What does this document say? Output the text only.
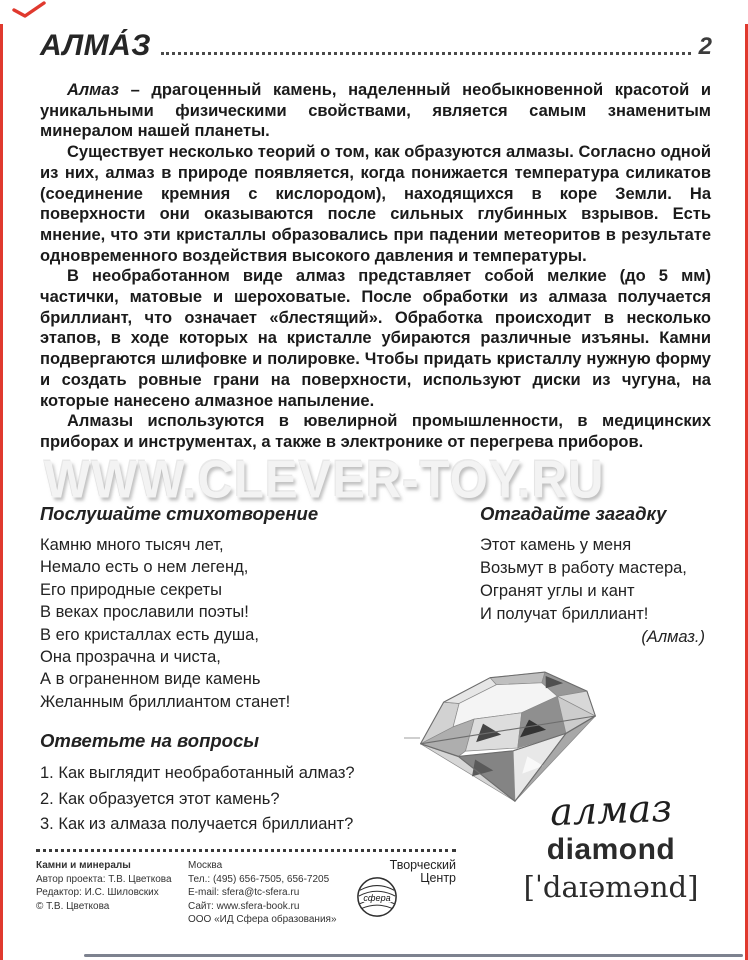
АЛМА́З	2
WWW.CLEVER-TOY.RU

Алмаз – драгоценный камень, наделенный необыкновенной красотой и уникальными физическими свойствами, является самым знаменитым минералом нашей планеты.

Существует несколько теорий о том, как образуются алмазы. Согласно одной из них, алмаз в природе появляется, когда понижается температура силикатов (соединение кремния с кислородом), находящихся в коре Земли. На поверхности они оказываются после сильных глубинных взрывов. Есть мнение, что эти кристаллы образовались при падении метеоритов в результате одновременного воздействия высокого давления и температуры.

В необработанном виде алмаз представляет собой мелкие (до 5 мм) частички, матовые и шероховатые. После обработки из алмаза получается бриллиант, что означает «блестящий». Обработка происходит в несколько этапов, в ходе которых на кристалле убираются различные изъяны. Камни подвергаются шлифовке и полировке. Чтобы придать кристаллу нужную форму и создать ровные грани на поверхности, используют диски из чугуна, на которые нанесено алмазное напыление.

Алмазы используются в ювелирной промышленности, в медицинских приборах и инструментах, а также в электронике от перегрева приборов.

Послушайте стихотворение
Камню много тысяч лет,
Немало есть о нем легенд,
Его природные секреты
В веках прославили поэты!
В его кристаллах есть душа,
Она прозрачна и чиста,
А в ограненном виде камень
Желанным бриллиантом станет!
Ответьте на вопросы
1. Как выглядит необработанный алмаз?
2. Как образуется этот камень?
3. Как из алмаза получается бриллиант?
Отгадайте загадку
Этот камень у меня
Возьмут в работу мастера,
Огранят углы и кант
И получат бриллиант!
(Алмаз.)
алмаз
diamond
[ˈdaɪəmənd]
Камни и минералы
Автор проекта: Т.В. Цветкова
Редактор: И.С. Шиловских
© Т.В. Цветкова
Москва
Тел.: (495) 656-7505, 656-7205
E-mail: sfera@tc-sfera.ru
Сайт: www.sfera-book.ru
ООО «ИД Сфера образования»
Творческий
Центр
сфера
